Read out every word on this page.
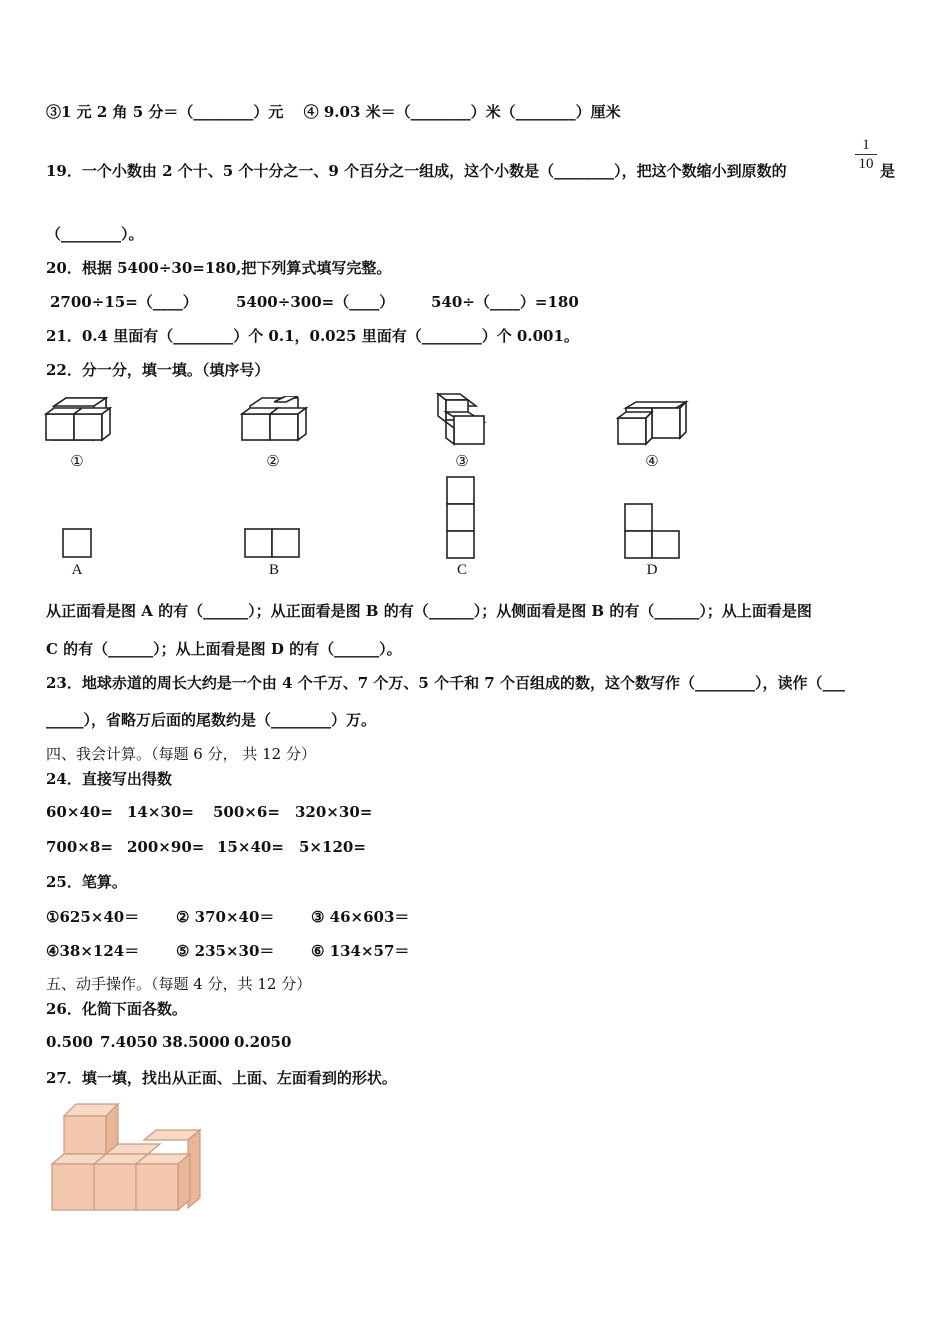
③1 元 2 角 5 分＝（________）元　 ④ 9.03 米＝（________）米（________）厘米
19．一个小数由 2 个十、5 个十分之一、9 个百分之一组成，这个小数是（________），把这个数缩小到原数的
1
10 是
（________）。
20．根据 5400÷30=180,把下列算式填写完整。
2700÷15=（____）	5400÷300=（____） 540÷（____）=180
21．0.4 里面有（________）个 0.1，0.025 里面有（________）个 0.001。
22．分一分，填一填。（填序号）
①	②	③	④
A	B	C	D
从正面看是图 A 的有（______）；从正面看是图 B 的有（______）；从侧面看是图 B 的有（______）；从上面看是图
C 的有（______）；从上面看是图 D 的有（______）。
23．地球赤道的周长大约是一个由 4 个千万、7 个万、5 个千和 7 个百组成的数，这个数写作（________），读作（___
_____），省略万后面的尾数约是（________）万。
四、我会计算。（每题 6 分， 共 12 分）
24．直接写出得数
60×40= 14×30= 500×6= 320×30=
700×8= 200×90= 15×40= 5×120=
25．笔算。
①625×40＝ ② 370×40＝ ③ 46×603＝
④38×124＝ ⑤ 235×30＝ ⑥ 134×57＝
五、动手操作。（每题 4 分，共 12 分）
26．化简下面各数。
0.500 7.4050 38.5000 0.2050
27．填一填，找出从正面、上面、左面看到的形状。
